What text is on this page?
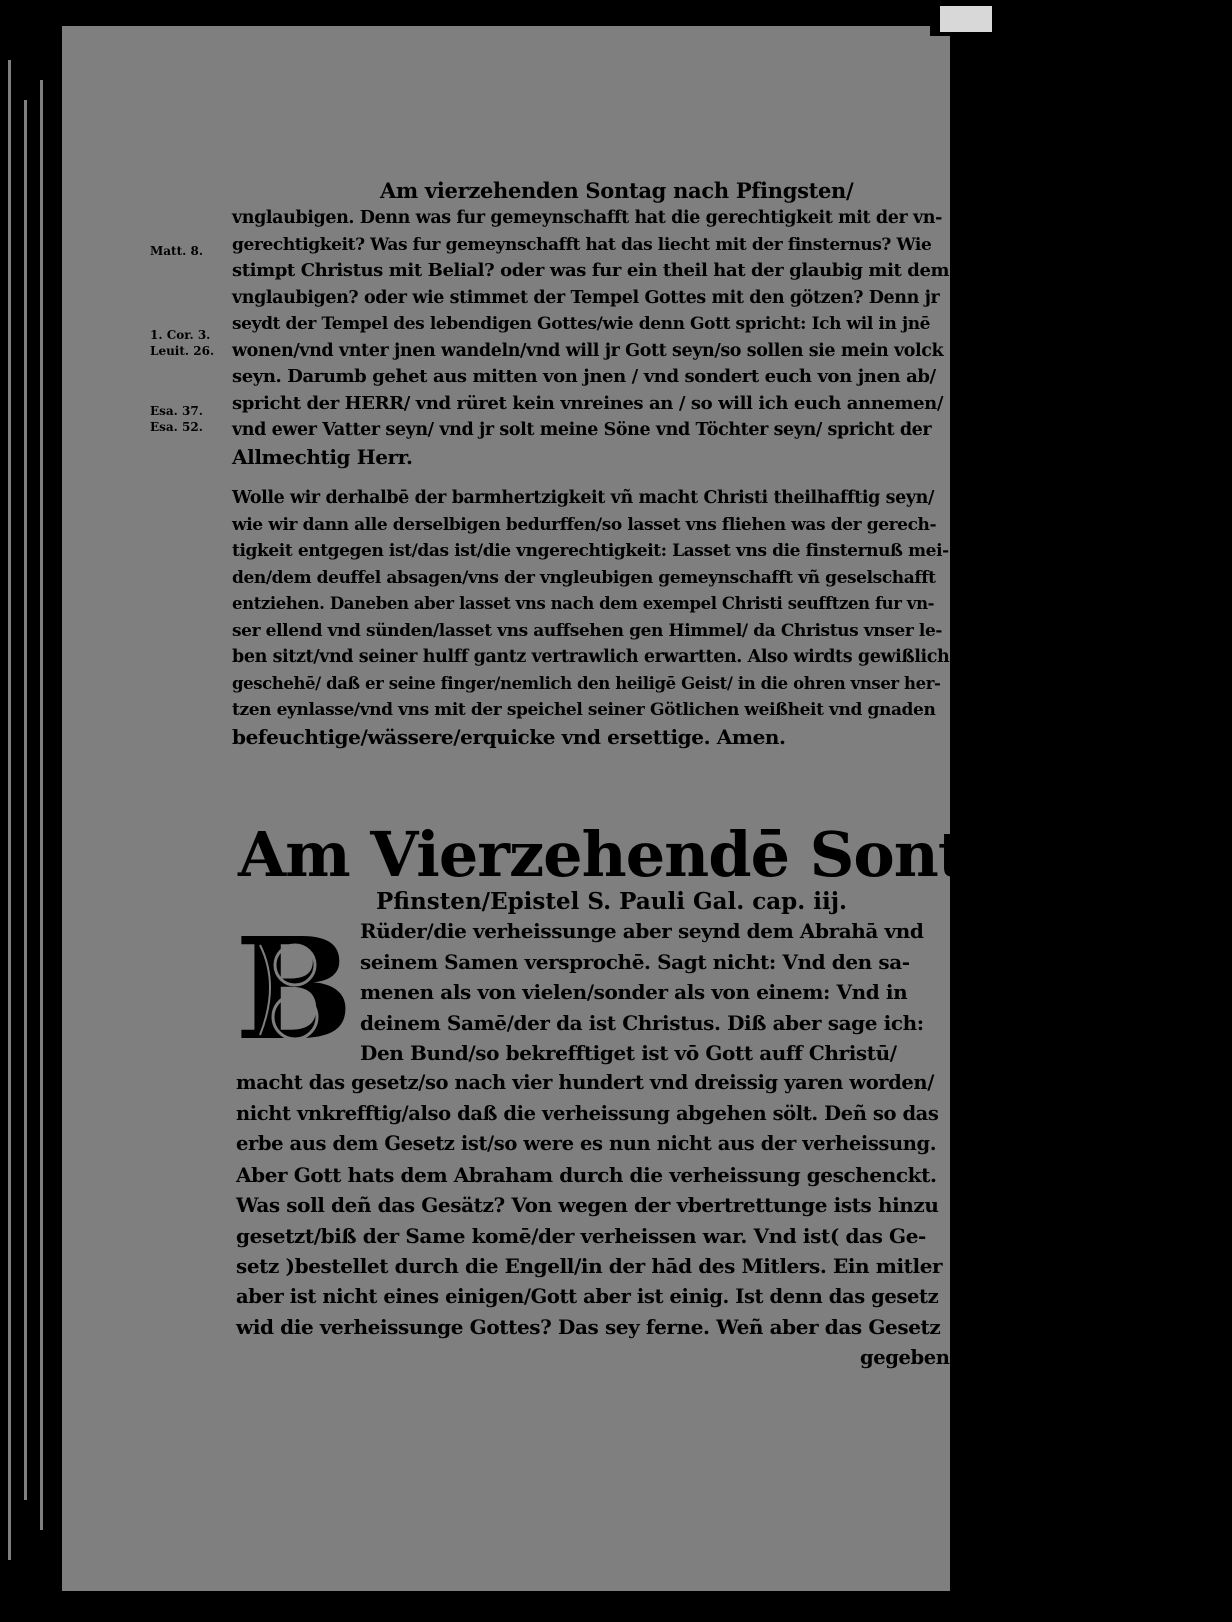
Am vierzehenden Sontag nach Pfingsten/
Matt. 8.
1. Cor. 3.
Leuit. 26.
Esa. 37.
Esa. 52.
vnglaubigen. Denn was fur gemeynschafft hat die gerechtigkeit mit der vn-
gerechtigkeit? Was fur gemeynschafft hat das liecht mit der finsternus? Wie
stimpt Christus mit Belial? oder was fur ein theil hat der glaubig mit dem
vnglaubigen? oder wie stimmet der Tempel Gottes mit den götzen? Denn jr
seydt der Tempel des lebendigen Gottes/wie denn Gott spricht: Ich wil in jnē
wonen/vnd vnter jnen wandeln/vnd will jr Gott seyn/so sollen sie mein volck
seyn. Darumb gehet aus mitten von jnen / vnd sondert euch von jnen ab/
spricht der HERR/ vnd rüret kein vnreines an / so will ich euch annemen/
vnd ewer Vatter seyn/ vnd jr solt meine Söne vnd Töchter seyn/ spricht der
Allmechtig Herr.
Wolle wir derhalbē der barmhertzigkeit vñ macht Christi theilhafftig seyn/
wie wir dann alle derselbigen bedurffen/so lasset vns fliehen was der gerech-
tigkeit entgegen ist/das ist/die vngerechtigkeit: Lasset vns die finsternuß mei-
den/dem deuffel absagen/vns der vngleubigen gemeynschafft vñ geselschafft
entziehen. Daneben aber lasset vns nach dem exempel Christi seufftzen fur vn-
ser ellend vnd sünden/lasset vns auffsehen gen Himmel/ da Christus vnser le-
ben sitzt/vnd seiner hulff gantz vertrawlich erwartten. Also wirdts gewißlich
geschehē/ daß er seine finger/nemlich den heiligē Geist/ in die ohren vnser her-
tzen eynlasse/vnd vns mit der speichel seiner Götlichen weißheit vnd gnaden
befeuchtige/wässere/erquicke vnd ersettige. Amen.
Am Vierzehendē Sontag nach
Pfinsten/Epistel S. Pauli Gal. cap. iij.
B Rüder/die verheissunge aber seynd dem Abrahā vnd
seinem Samen versprochē. Sagt nicht: Vnd den sa-
menen als von vielen/sonder als von einem: Vnd in
deinem Samē/der da ist Christus. Diß aber sage ich:
Den Bund/so bekrefftiget ist vō Gott auff Christū/
macht das gesetz/so nach vier hundert vnd dreissig yaren worden/
nicht vnkrefftig/also daß die verheissung abgehen sölt. Deñ so das
erbe aus dem Gesetz ist/so were es nun nicht aus der verheissung.
Aber Gott hats dem Abraham durch die verheissung geschenckt.
Was soll deñ das Gesätz? Von wegen der vbertrettunge ists hinzu
gesetzt/biß der Same komē/der verheissen war. Vnd ist( das Ge-
setz )bestellet durch die Engell/in der hād des Mitlers. Ein mitler
aber ist nicht eines einigen/Gott aber ist einig. Ist denn das gesetz
wid die verheissunge Gottes? Das sey ferne. Weñ aber das Gesetz
gegeben
